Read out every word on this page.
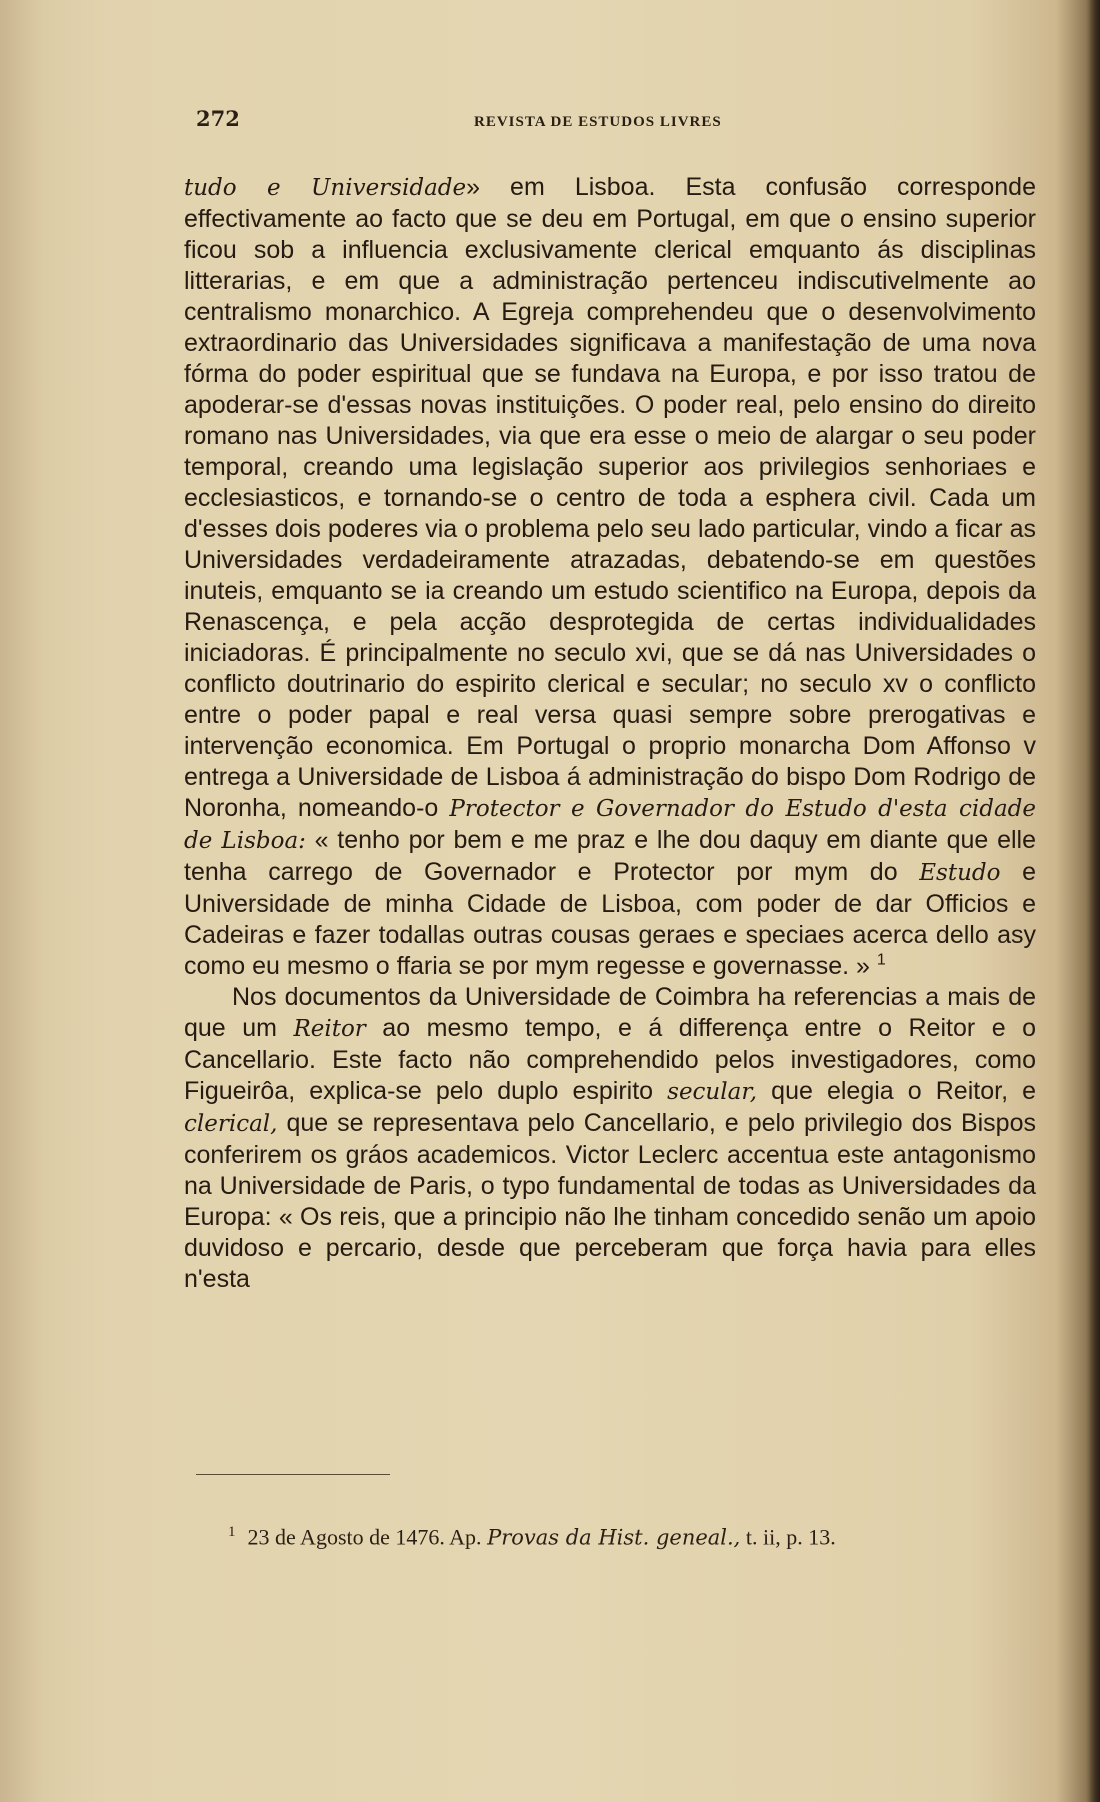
272	REVISTA DE ESTUDOS LIVRES

tudo e Universidade» em Lisboa. Esta confusão corresponde effectivamente ao facto que se deu em Portugal, em que o ensino superior ficou sob a influencia exclusivamente clerical emquanto ás disciplinas litterarias, e em que a administração pertenceu indiscutivelmente ao centralismo monarchico. A Egreja comprehendeu que o desenvolvimento extraordinario das Universidades significava a manifestação de uma nova fórma do poder espiritual que se fundava na Europa, e por isso tratou de apoderar-se d'essas novas instituições. O poder real, pelo ensino do direito romano nas Universidades, via que era esse o meio de alargar o seu poder temporal, creando uma legislação superior aos privilegios senhoriaes e ecclesiasticos, e tornando-se o centro de toda a esphera civil. Cada um d'esses dois poderes via o problema pelo seu lado particular, vindo a ficar as Universidades verdadeiramente atrazadas, debatendo-se em questões inuteis, emquanto se ia creando um estudo scientifico na Europa, depois da Renascença, e pela acção desprotegida de certas individualidades iniciadoras. É principalmente no seculo xvi, que se dá nas Universidades o conflicto doutrinario do espirito clerical e secular; no seculo xv o conflicto entre o poder papal e real versa quasi sempre sobre prerogativas e intervenção economica. Em Portugal o proprio monarcha Dom Affonso v entrega a Universidade de Lisboa á administração do bispo Dom Rodrigo de Noronha, nomeando-o Protector e Governador do Estudo d'esta cidade de Lisboa: « tenho por bem e me praz e lhe dou daquy em diante que elle tenha carrego de Governador e Protector por mym do Estudo e Universidade de minha Cidade de Lisboa, com poder de dar Officios e Cadeiras e fazer todallas outras cousas geraes e speciaes acerca dello asy como eu mesmo o ffaria se por mym regesse e governasse. » $^1$

Nos documentos da Universidade de Coimbra ha referencias a mais de que um Reitor ao mesmo tempo, e á differença entre o Reitor e o Cancellario. Este facto não comprehendido pelos investigadores, como Figueirôa, explica-se pelo duplo espirito secular, que elegia o Reitor, e clerical, que se representava pelo Cancellario, e pelo privilegio dos Bispos conferirem os gráos academicos. Victor Leclerc accentua este antagonismo na Universidade de Paris, o typo fundamental de todas as Universidades da Europa: « Os reis, que a principio não lhe tinham concedido senão um apoio duvidoso e percario, desde que perceberam que força havia para elles n'esta

$^1$ 23 de Agosto de 1476. Ap. Provas da Hist. geneal., t. ii, p. 13.
